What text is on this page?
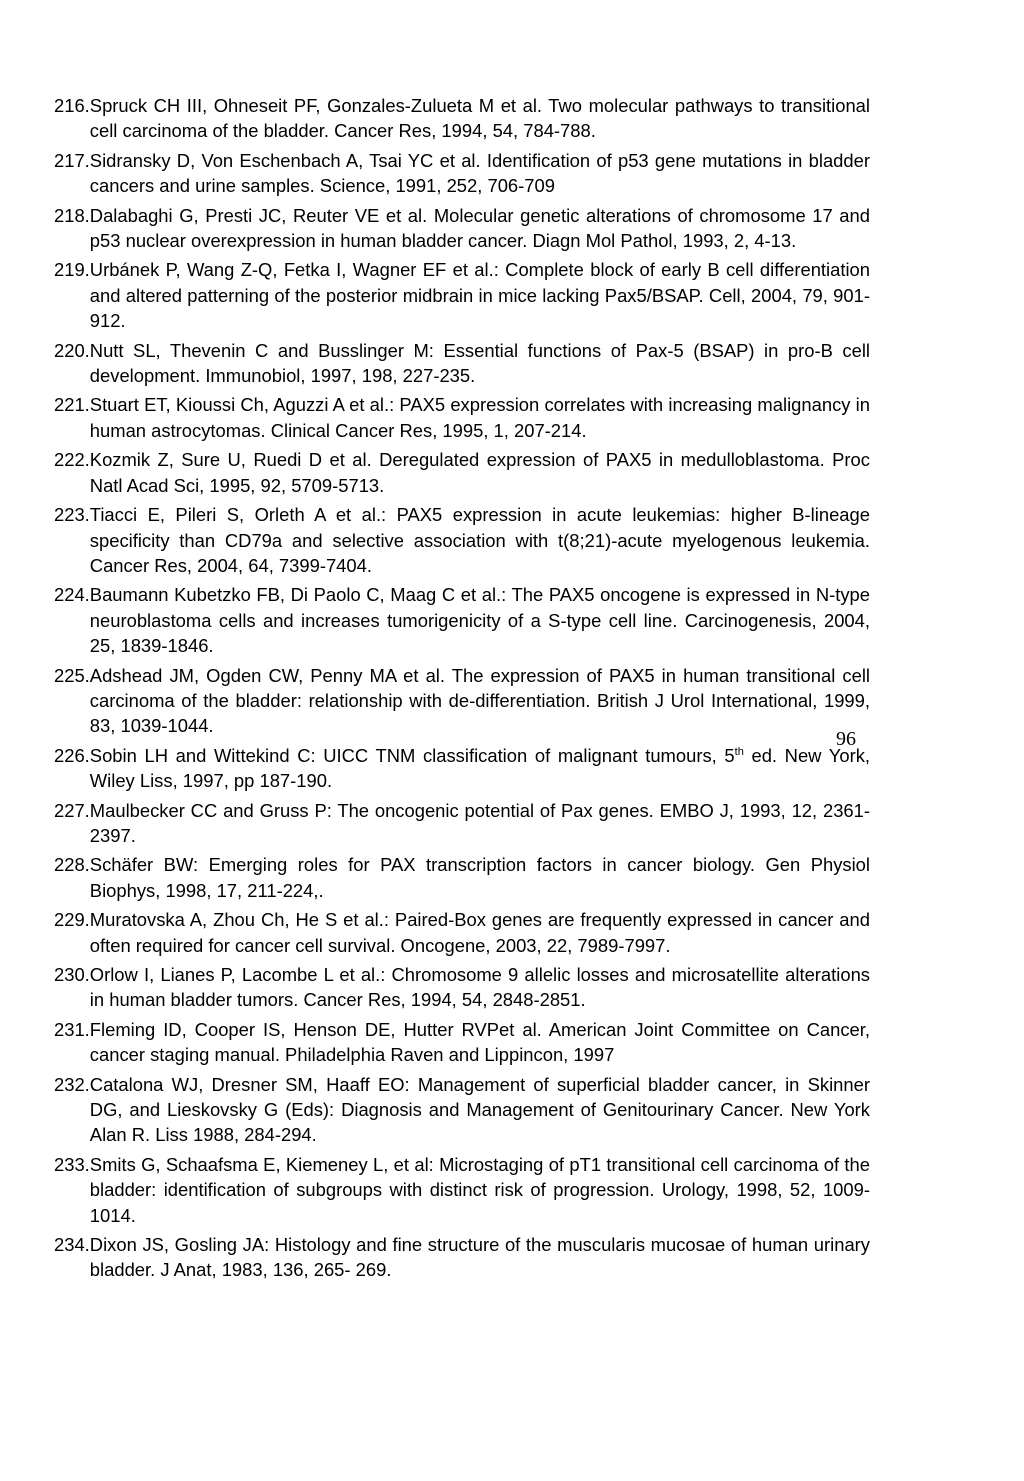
216. Spruck CH III, Ohneseit PF, Gonzales-Zulueta M et al. Two molecular pathways to transitional cell carcinoma of the bladder. Cancer Res, 1994, 54, 784-788.
217. Sidransky D, Von Eschenbach A, Tsai YC et al. Identification of p53 gene mutations in bladder cancers and urine samples. Science, 1991, 252, 706-709
218. Dalabaghi G, Presti JC, Reuter VE et al. Molecular genetic alterations of chromosome 17 and p53 nuclear overexpression in human bladder cancer. Diagn Mol Pathol, 1993, 2, 4-13.
219. Urbánek P, Wang Z-Q, Fetka I, Wagner EF et al.: Complete block of early B cell differentiation and altered patterning of the posterior midbrain in mice lacking Pax5/BSAP. Cell, 2004, 79, 901-912.
220. Nutt SL, Thevenin C and Busslinger M: Essential functions of Pax-5 (BSAP) in pro-B cell development. Immunobiol, 1997, 198, 227-235.
221. Stuart ET, Kioussi Ch, Aguzzi A et al.: PAX5 expression correlates with increasing malignancy in human astrocytomas. Clinical Cancer Res, 1995, 1, 207-214.
222. Kozmik Z, Sure U, Ruedi D et al. Deregulated expression of PAX5 in medulloblastoma. Proc Natl Acad Sci, 1995, 92, 5709-5713.
223. Tiacci E, Pileri S, Orleth A et al.: PAX5 expression in acute leukemias: higher B-lineage specificity than CD79a and selective association with t(8;21)-acute myelogenous leukemia. Cancer Res, 2004, 64, 7399-7404.
224. Baumann Kubetzko FB, Di Paolo C, Maag C et al.: The PAX5 oncogene is expressed in N-type neuroblastoma cells and increases tumorigenicity of a S-type cell line. Carcinogenesis, 2004, 25, 1839-1846.
225. Adshead JM, Ogden CW, Penny MA et al. The expression of PAX5 in human transitional cell carcinoma of the bladder: relationship with de-differentiation. British J Urol International, 1999, 83, 1039-1044.
226. Sobin LH and Wittekind C: UICC TNM classification of malignant tumours, 5th ed. New York, Wiley Liss, 1997, pp 187-190.
227. Maulbecker CC and Gruss P: The oncogenic potential of Pax genes. EMBO J, 1993, 12, 2361-2397.
228. Schäfer BW: Emerging roles for PAX transcription factors in cancer biology. Gen Physiol Biophys, 1998, 17, 211-224,.
229. Muratovska A, Zhou Ch, He S et al.: Paired-Box genes are frequently expressed in cancer and often required for cancer cell survival. Oncogene, 2003, 22, 7989-7997.
230. Orlow I, Lianes P, Lacombe L et al.: Chromosome 9 allelic losses and microsatellite alterations in human bladder tumors. Cancer Res, 1994, 54, 2848-2851.
231. Fleming ID, Cooper IS, Henson DE, Hutter RVPet al. American Joint Committee on Cancer, cancer staging manual. Philadelphia Raven and Lippincon, 1997
232. Catalona WJ, Dresner SM, Haaff EO: Management of superficial bladder cancer, in Skinner DG, and Lieskovsky G (Eds): Diagnosis and Management of Genitourinary Cancer. New York Alan R. Liss 1988, 284-294.
233. Smits G, Schaafsma E, Kiemeney L, et al: Microstaging of pT1 transitional cell carcinoma of the bladder: identification of subgroups with distinct risk of progression. Urology, 1998, 52, 1009-1014.
234. Dixon JS, Gosling JA: Histology and fine structure of the muscularis mucosae of human urinary bladder. J Anat, 1983, 136, 265- 269.
96
